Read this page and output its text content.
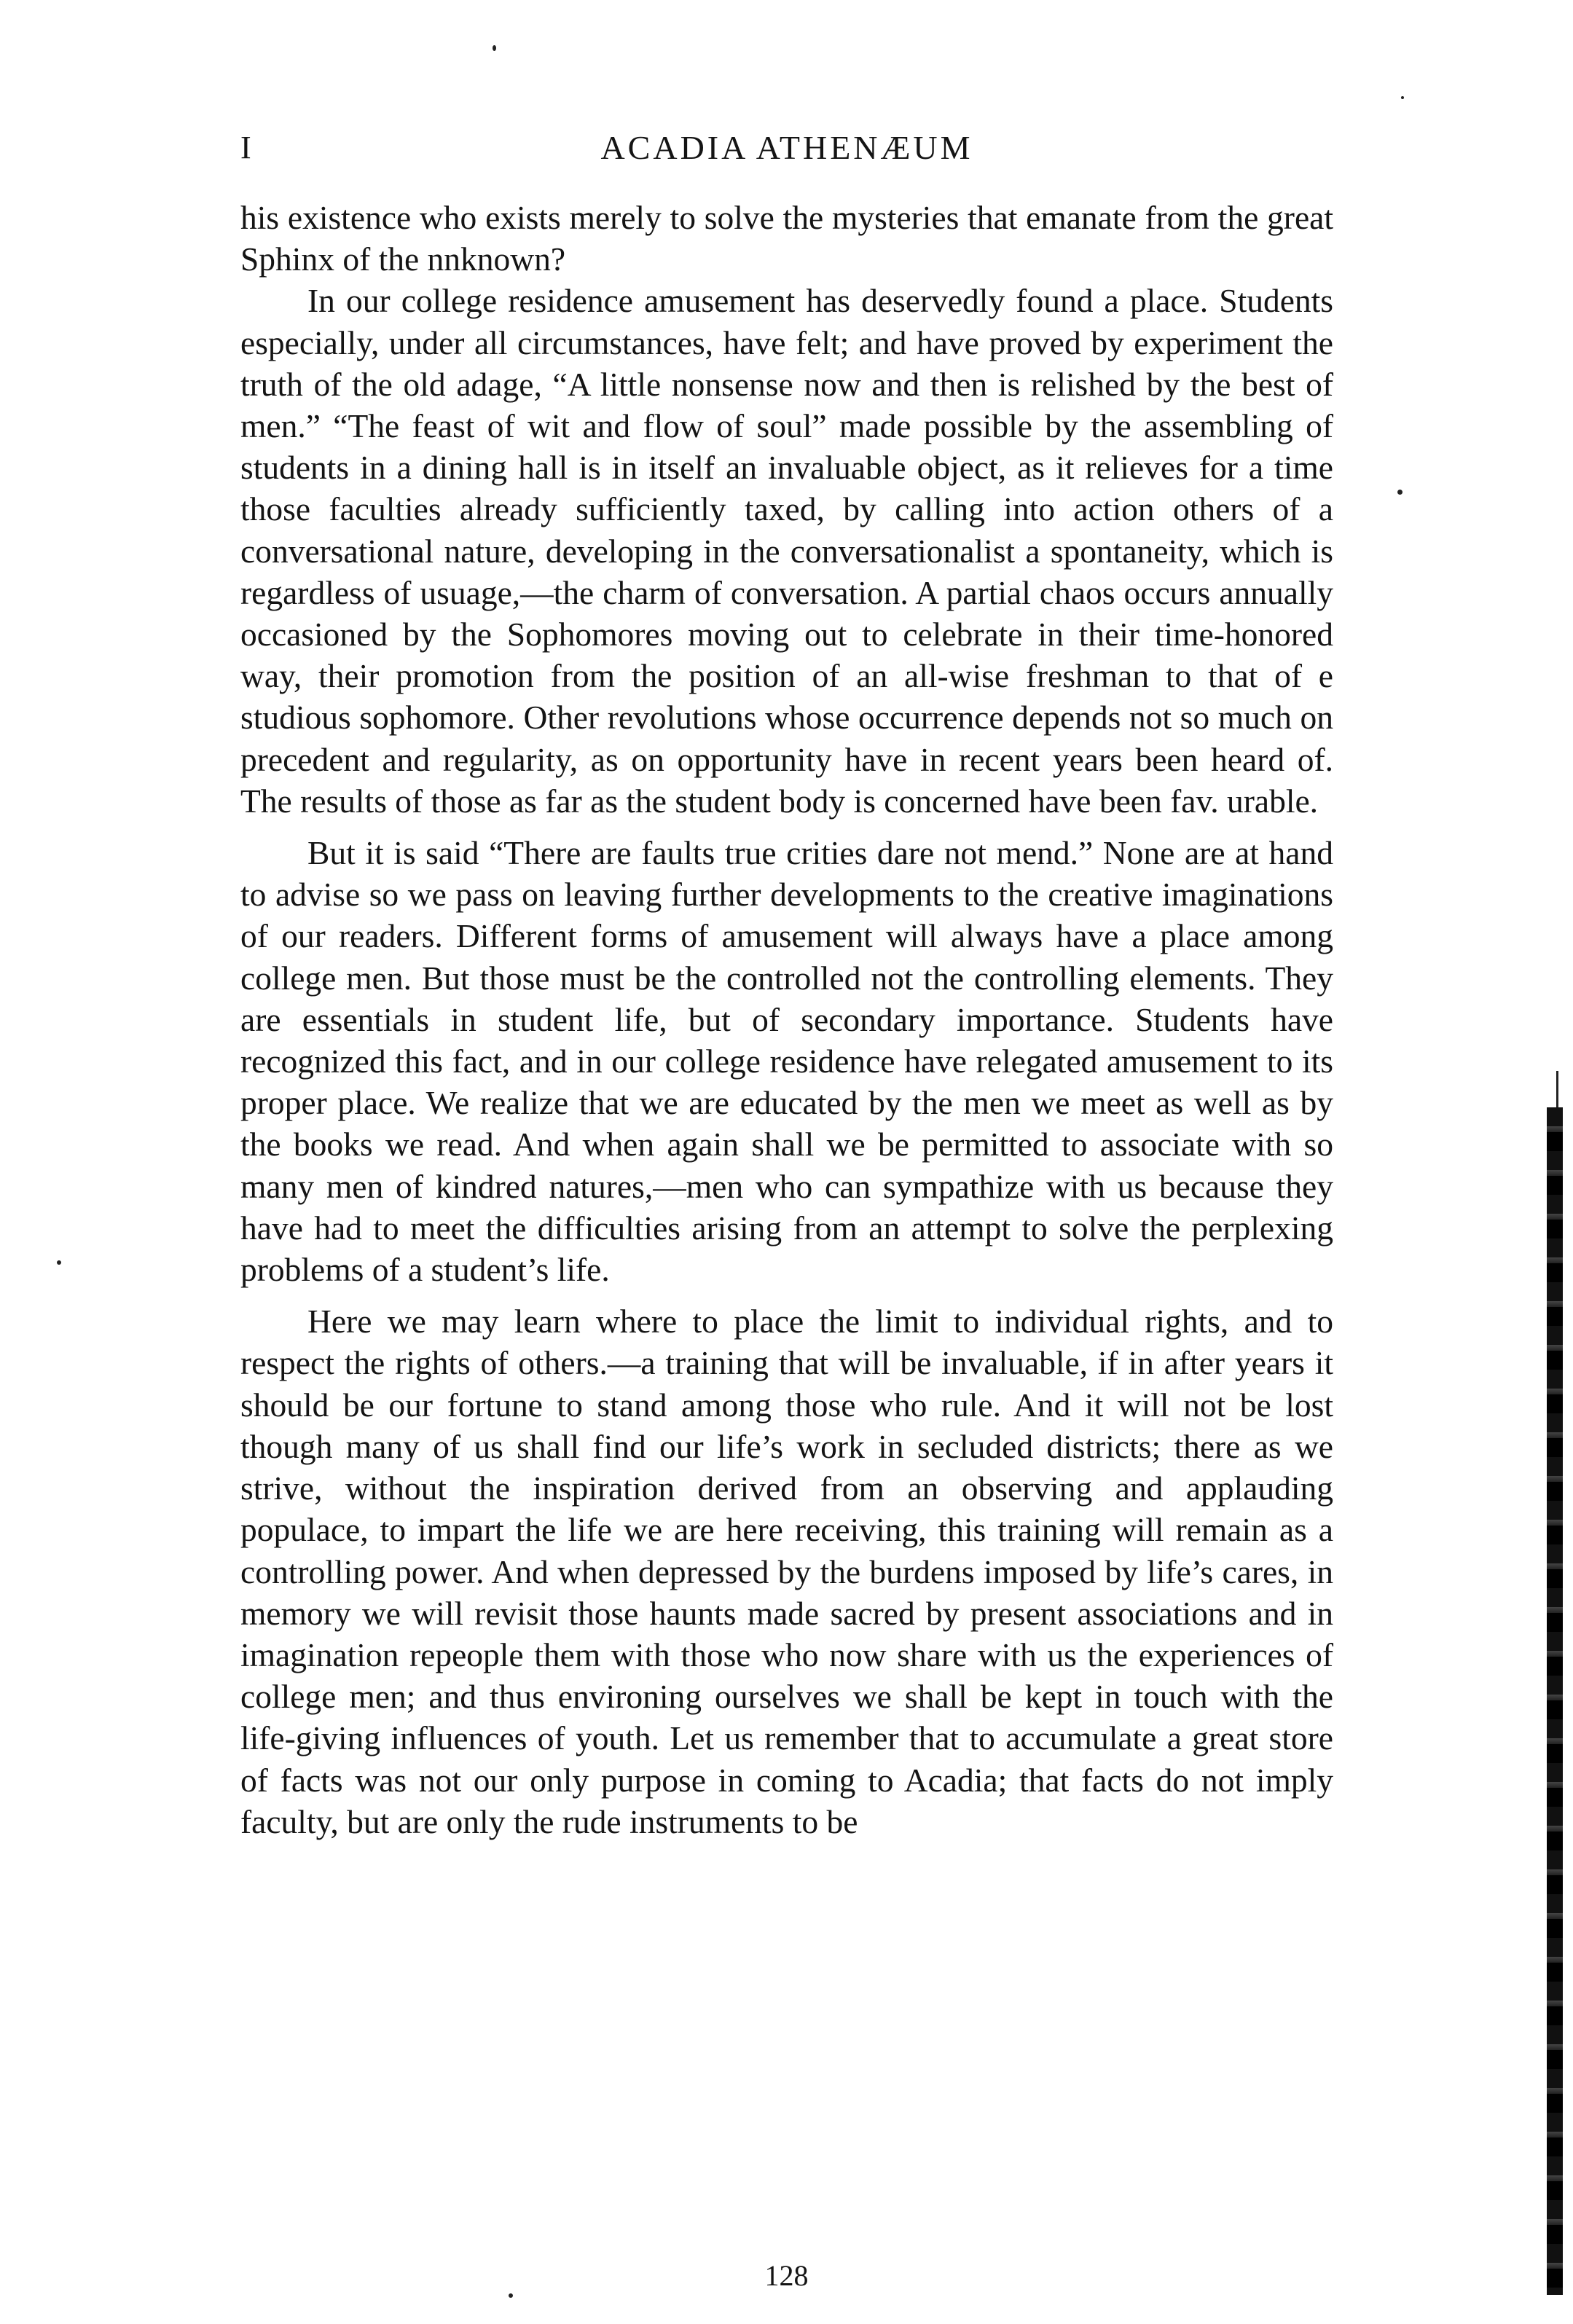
I	ACADIA ATHENÆUM

his existence who exists merely to solve the mysteries that emanate from the great Sphinx of the nnknown?

In our college residence amusement has deservedly found a place. Students especially, under all circumstances, have felt; and have proved by experiment the truth of the old adage, “A little nonsense now and then is relished by the best of men.” “The feast of wit and flow of soul” made possible by the assembling of students in a dining hall is in itself an invaluable object, as it relieves for a time those faculties already sufficiently taxed, by calling into action others of a conversational nature, developing in the conversationalist a spontaneity, which is regardless of usuage,—the charm of conversation. A partial chaos occurs annually occasioned by the Sophomores moving out to celebrate in their time-honored way, their promotion from the position of an all-wise freshman to that of e studious sophomore. Other revolutions whose occurrence depends not so much on precedent and regularity, as on opportunity have in recent years been heard of. The results of those as far as the student body is concerned have been fav. urable.

But it is said “There are faults true crities dare not mend.” None are at hand to advise so we pass on leaving further developments to the creative imaginations of our readers. Different forms of amusement will always have a place among college men. But those must be the controlled not the controlling elements. They are essentials in student life, but of secondary importance. Students have recognized this fact, and in our college residence have relegated amusement to its proper place. We realize that we are educated by the men we meet as well as by the books we read. And when again shall we be permitted to associate with so many men of kindred natures,—men who can sympathize with us because they have had to meet the difficulties arising from an attempt to solve the perplexing problems of a student’s life.

Here we may learn where to place the limit to individual rights, and to respect the rights of others.—a training that will be invaluable, if in after years it should be our fortune to stand among those who rule. And it will not be lost though many of us shall find our life’s work in secluded districts; there as we strive, without the inspiration derived from an observing and applauding populace, to impart the life we are here receiving, this training will remain as a controlling power. And when depressed by the burdens imposed by life’s cares, in memory we will revisit those haunts made sacred by present associations and in imagination repeople them with those who now share with us the experiences of college men; and thus environing ourselves we shall be kept in touch with the life-giving influences of youth. Let us remember that to accumulate a great store of facts was not our only purpose in coming to Acadia; that facts do not imply faculty, but are only the rude instruments to be

128
